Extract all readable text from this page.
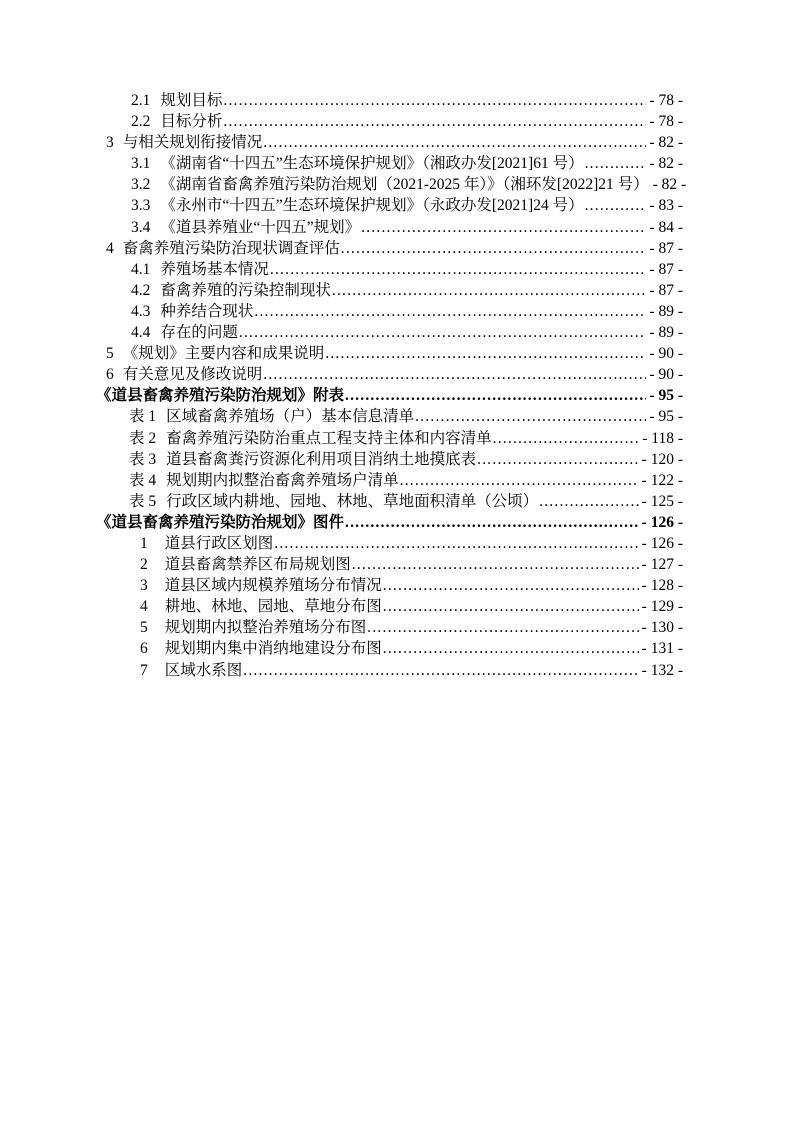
2.1 规划目标 .....	- 78 -
2.2 目标分析 .....	- 78 -
3 与相关规划衔接情况 .....	- 82 -
3.1 《湖南省“十四五”生态环境保护规划》（湘政办发[2021]61 号） .....	- 82 -
3.2 《湖南省畜禽养殖污染防治规划（2021-2025 年）》（湘环发[2022]21 号） - 82 -
3.3 《永州市“十四五”生态环境保护规划》（永政办发[2021]24 号） .....	- 83 -
3.4 《道县养殖业“十四五”规划》 .....	- 84 -
4 畜禽养殖污染防治现状调查评估 .....	- 87 -
4.1 养殖场基本情况 .....	- 87 -
4.2 畜禽养殖的污染控制现状 .....	- 87 -
4.3 种养结合现状 .....	- 89 -
4.4 存在的问题 .....	- 89 -
5 《规划》主要内容和成果说明 .....	- 90 -
6 有关意见及修改说明 .....	- 90 -
《道县畜禽养殖污染防治规划》附表 .....	- 95 -
表 1 区域畜禽养殖场（户）基本信息清单 .....	- 95 -
表 2 畜禽养殖污染防治重点工程支持主体和内容清单 .....	- 118 -
表 3 道县畜禽粪污资源化利用项目消纳土地摸底表 .....	- 120 -
表 4 规划期内拟整治畜禽养殖场户清单 .....	- 122 -
表 5 行政区域内耕地、园地、林地、草地面积清单（公顷） .....	- 125 -
《道县畜禽养殖污染防治规划》图件 .....	- 126 -
1 道县行政区划图 .....	- 126 -
2 道县畜禽禁养区布局规划图 .....	- 127 -
3 道县区域内规模养殖场分布情况 .....	- 128 -
4 耕地、林地、园地、草地分布图 .....	- 129 -
5 规划期内拟整治养殖场分布图 .....	- 130 -
6 规划期内集中消纳地建设分布图 .....	- 131 -
7 区域水系图 .....	- 132 -
